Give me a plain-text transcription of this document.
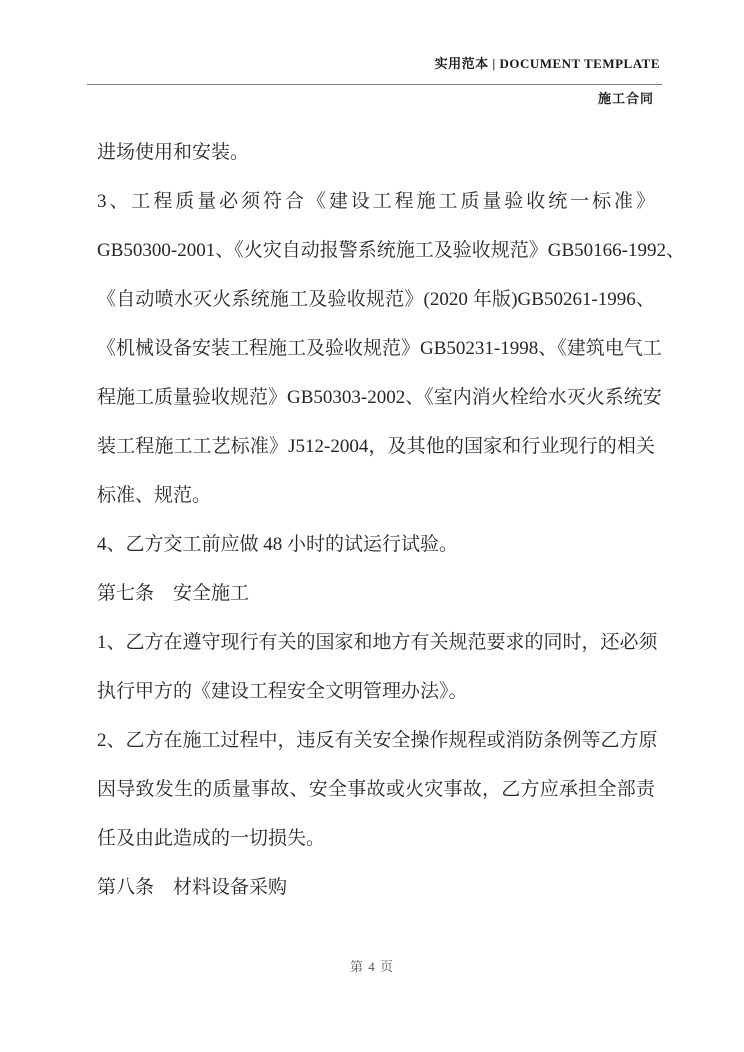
实用范本 | DOCUMENT TEMPLATE
施工合同
进场使用和安装。
3、工程质量必须符合《建设工程施工质量验收统一标准》
GB50300-2001、《火灾自动报警系统施工及验收规范》GB50166-1992、
《自动喷水灭火系统施工及验收规范》(2020 年版)GB50261-1996、
《机械设备安装工程施工及验收规范》GB50231-1998、《建筑电气工
程施工质量验收规范》GB50303-2002、《室内消火栓给水灭火系统安
装工程施工工艺标准》J512-2004，及其他的国家和行业现行的相关
标准、规范。
4、乙方交工前应做 48 小时的试运行试验。
第七条　安全施工
1、乙方在遵守现行有关的国家和地方有关规范要求的同时，还必须
执行甲方的《建设工程安全文明管理办法》。
2、乙方在施工过程中，违反有关安全操作规程或消防条例等乙方原
因导致发生的质量事故、安全事故或火灾事故，乙方应承担全部责
任及由此造成的一切损失。
第八条　材料设备采购
第 4 页
